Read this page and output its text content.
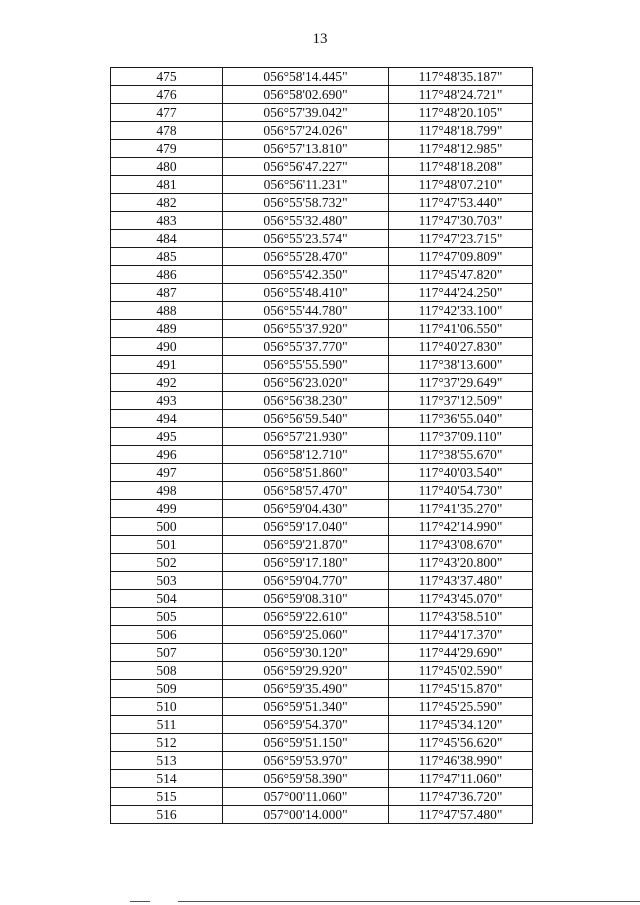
13
475	056°58'14.445"	117°48'35.187"
476	056°58'02.690"	117°48'24.721"
477	056°57'39.042"	117°48'20.105"
478	056°57'24.026"	117°48'18.799"
479	056°57'13.810"	117°48'12.985"
480	056°56'47.227"	117°48'18.208"
481	056°56'11.231"	117°48'07.210"
482	056°55'58.732"	117°47'53.440"
483	056°55'32.480"	117°47'30.703"
484	056°55'23.574"	117°47'23.715"
485	056°55'28.470"	117°47'09.809"
486	056°55'42.350"	117°45'47.820"
487	056°55'48.410"	117°44'24.250"
488	056°55'44.780"	117°42'33.100"
489	056°55'37.920"	117°41'06.550"
490	056°55'37.770"	117°40'27.830"
491	056°55'55.590"	117°38'13.600"
492	056°56'23.020"	117°37'29.649"
493	056°56'38.230"	117°37'12.509"
494	056°56'59.540"	117°36'55.040"
495	056°57'21.930"	117°37'09.110"
496	056°58'12.710"	117°38'55.670"
497	056°58'51.860"	117°40'03.540"
498	056°58'57.470"	117°40'54.730"
499	056°59'04.430"	117°41'35.270"
500	056°59'17.040"	117°42'14.990"
501	056°59'21.870"	117°43'08.670"
502	056°59'17.180"	117°43'20.800"
503	056°59'04.770"	117°43'37.480"
504	056°59'08.310"	117°43'45.070"
505	056°59'22.610"	117°43'58.510"
506	056°59'25.060"	117°44'17.370"
507	056°59'30.120"	117°44'29.690"
508	056°59'29.920"	117°45'02.590"
509	056°59'35.490"	117°45'15.870"
510	056°59'51.340"	117°45'25.590"
511	056°59'54.370"	117°45'34.120"
512	056°59'51.150"	117°45'56.620"
513	056°59'53.970"	117°46'38.990"
514	056°59'58.390"	117°47'11.060"
515	057°00'11.060"	117°47'36.720"
516	057°00'14.000"	117°47'57.480"
